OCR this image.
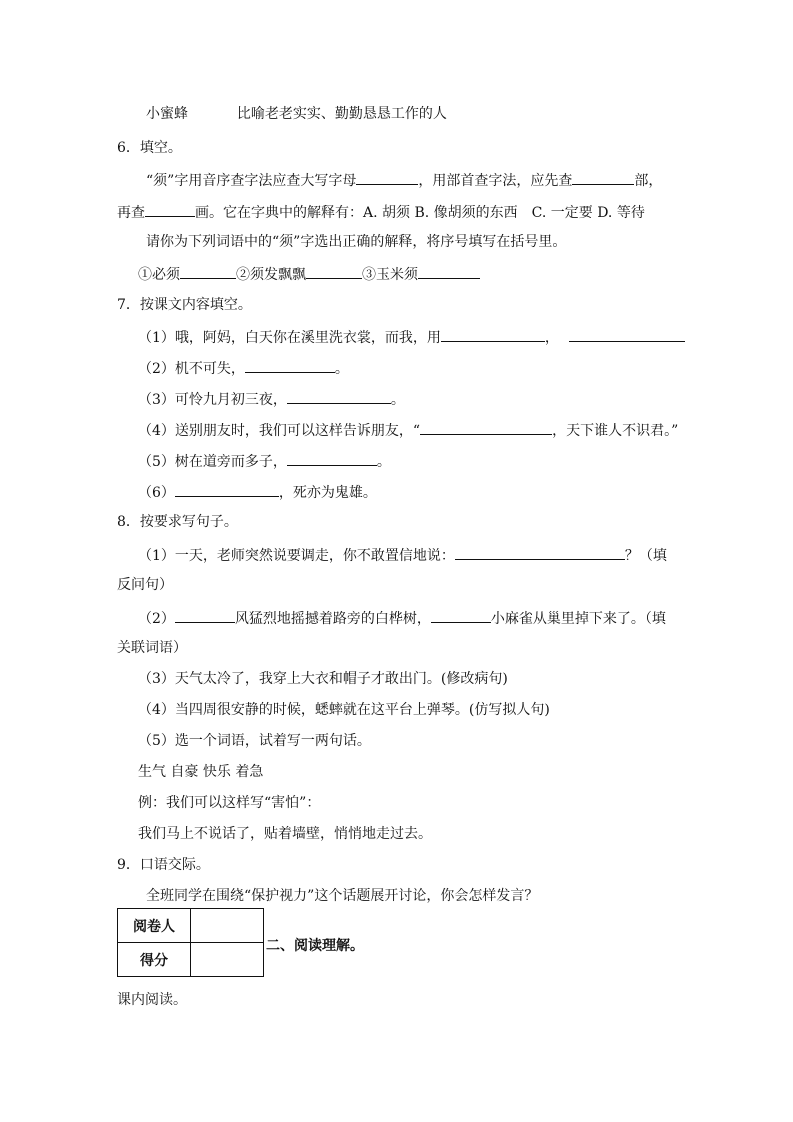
小蜜蜂	比喻老老实实、勤勤恳恳工作的人
6．填空。
“须”字用音序查字法应查大写字母	，用部首查字法，应先查	部，
再查	画。它在字典中的解释有：A. 胡须 B. 像胡须的东西　C. 一定要 D. 等待
请你为下列词语中的“须”字选出正确的解释，将序号填写在括号里。
①必须	②须发飘飘	③玉米须
7．按课文内容填空。
（1）哦，阿妈，白天你在溪里洗衣裳，而我，用	，
（2）机不可失，	。
（3）可怜九月初三夜，	。
（4）送别朋友时，我们可以这样告诉朋友，“	，天下谁人不识君。”
（5）树在道旁而多子，	。
（6）	，死亦为鬼雄。
8．按要求写句子。
（1）一天，老师突然说要调走，你不敢置信地说：	？（填
反问句）
（2）	风猛烈地摇撼着路旁的白桦树，	小麻雀从巢里掉下来了。（填
关联词语）
（3）天气太冷了，我穿上大衣和帽子才敢出门。(修改病句)
（4）当四周很安静的时候，蟋蟀就在这平台上弹琴。(仿写拟人句)
（5）选一个词语，试着写一两句话。
生气 自豪 快乐 着急
例：我们可以这样写“害怕”：
我们马上不说话了，贴着墙壁，悄悄地走过去。
9．口语交际。
全班同学在围绕“保护视力”这个话题展开讨论，你会怎样发言？
阅卷人	
得分	
二、阅读理解。
课内阅读。
